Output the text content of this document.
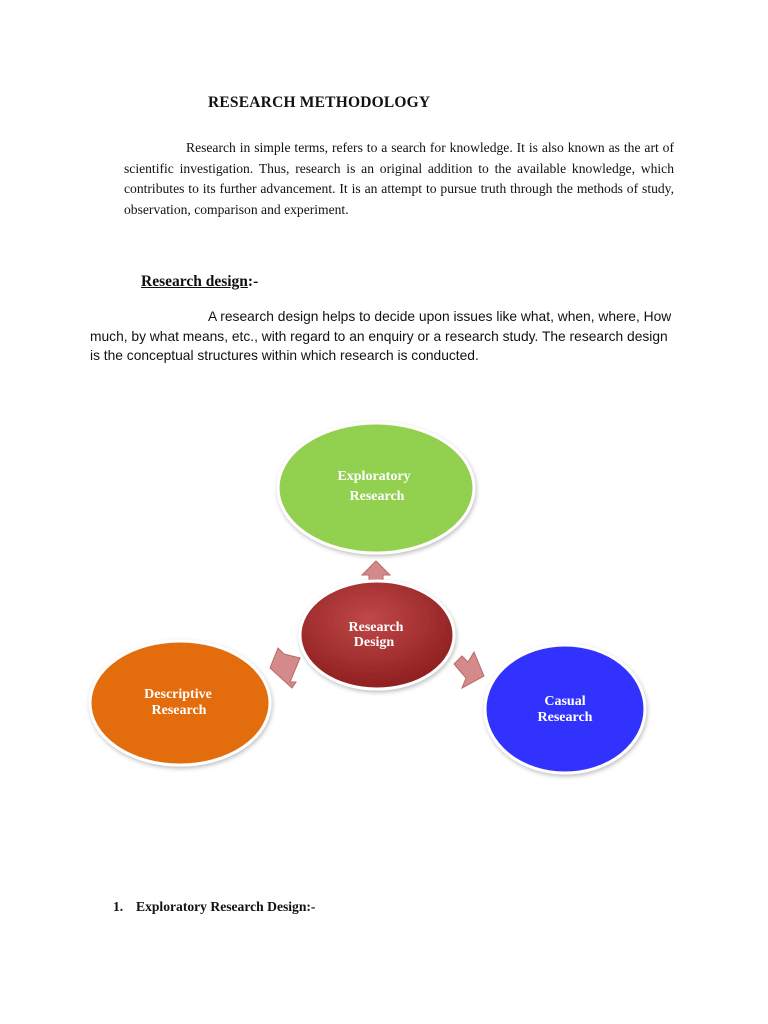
RESEARCH METHODOLOGY
Research in simple terms, refers to a search for knowledge. It is also known as the art of scientific investigation. Thus, research is an original addition to the available knowledge, which contributes to its further advancement. It is an attempt to pursue truth through the methods of study, observation, comparison and experiment.
Research design:-
A research design helps to decide upon issues like what, when, where, How much, by what means, etc., with regard to an enquiry or a research study. The research design is the conceptual structures within which research is conducted.
Exploratory
Research
Research
Design
Descriptive
Research
Casual
Research
1. Exploratory Research Design:-
